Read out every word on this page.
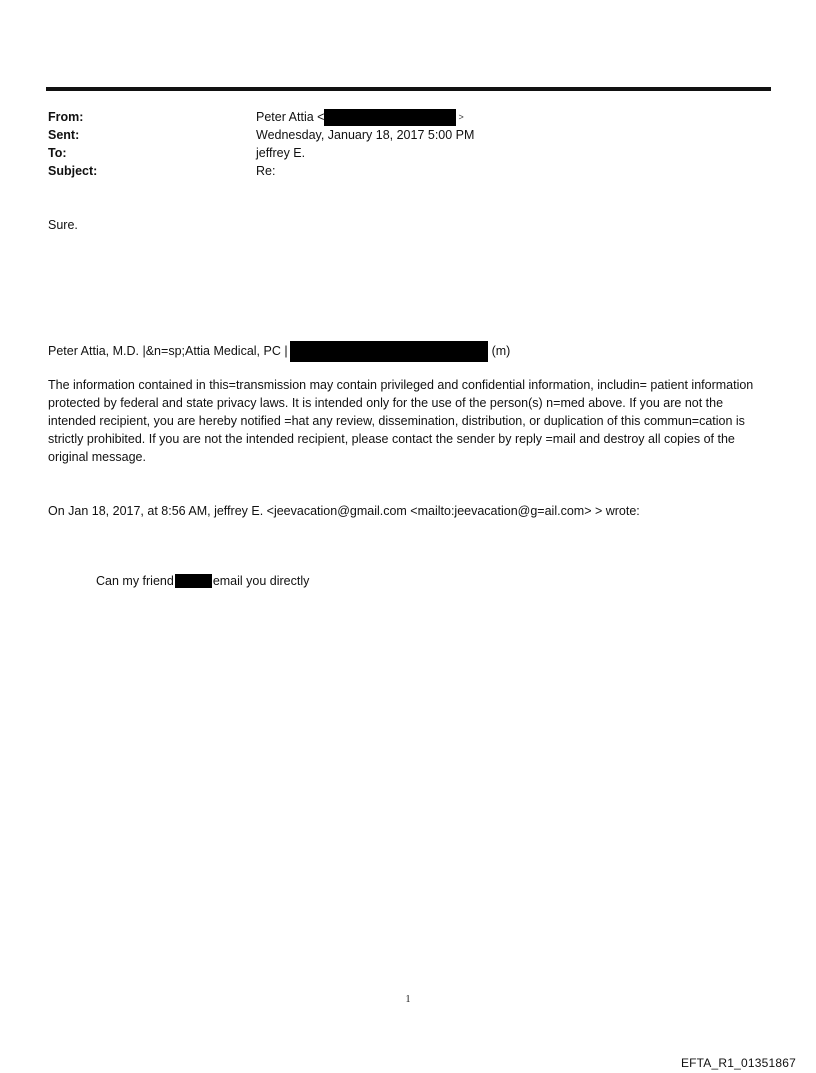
From:	Peter Attia <	>
Sent:	Wednesday, January 18, 2017 5:00 PM
To:	jeffrey E.
Subject:	Re:
Sure.
Peter Attia, M.D. |&n=sp;Attia Medical, PC |	(m)
The information contained in this=transmission may contain privileged and confidential information, includin= patient information protected by federal and state privacy laws. It is intended only for the use of the person(s) n=med above. If you are not the intended recipient, you are hereby notified =hat any review, dissemination, distribution, or duplication of this commun=cation is strictly prohibited. If you are not the intended recipient, please contact the sender by reply =mail and destroy all copies of the original message.
On Jan 18, 2017, at 8:56 AM, jeffrey E. <jeevacation@gmail.com <mailto:jeevacation@g=ail.com> > wrote:
Can my friend	email you directly
1
EFTA_R1_01351867
